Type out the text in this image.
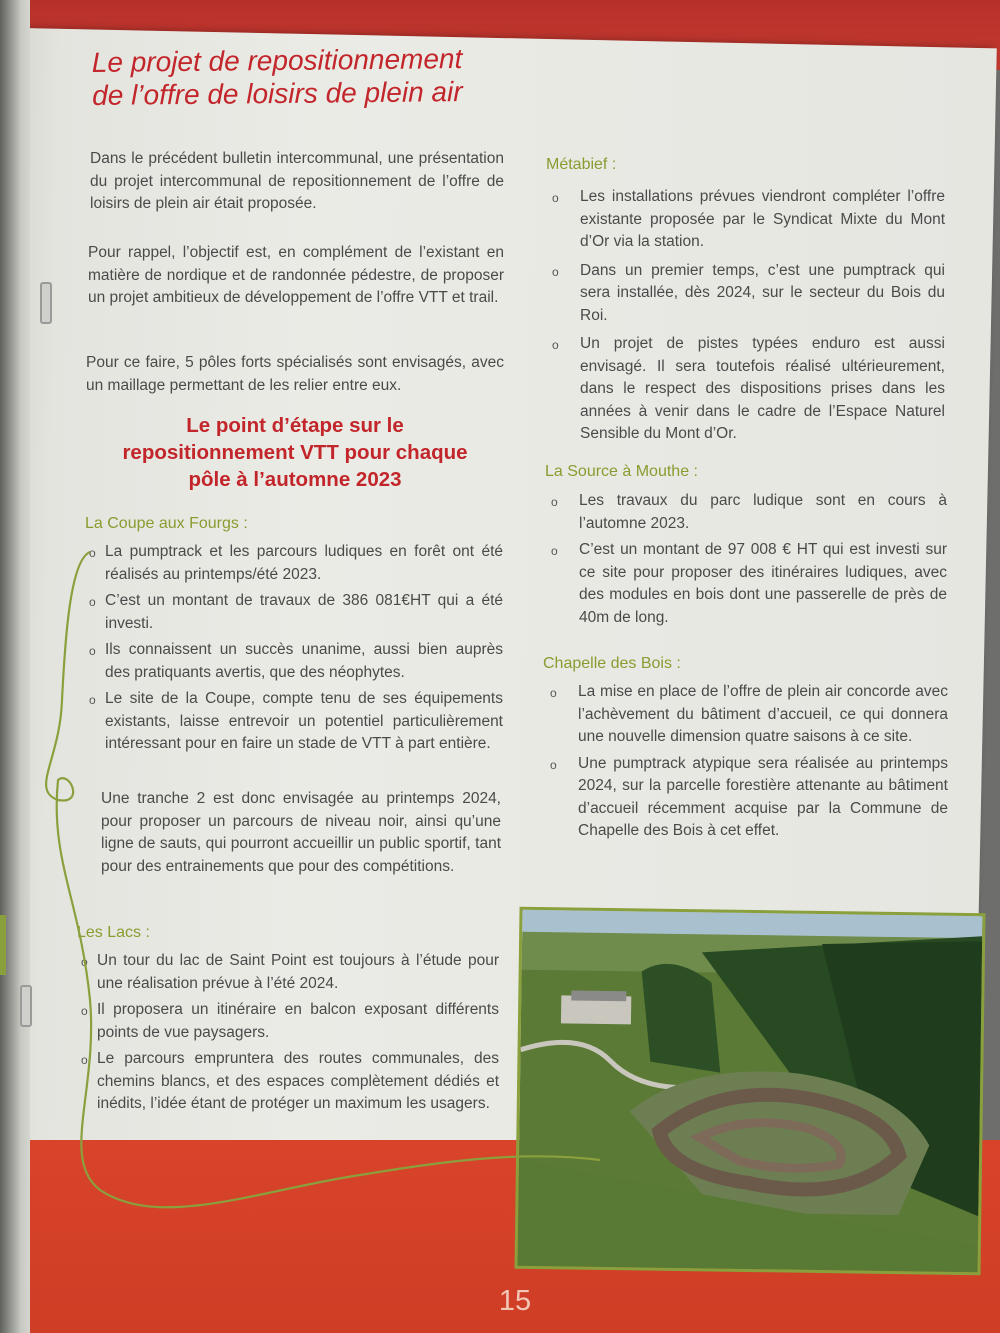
Le projet de repositionnement
de l’offre de loisirs de plein air
Dans le précédent bulletin intercommunal, une présentation du projet intercommunal de repositionnement de l’offre de loisirs de plein air était proposée.
Pour rappel, l’objectif est, en complément de l’existant en matière de nordique et de randonnée pédestre, de proposer un projet ambitieux de développement de l’offre VTT et trail.
Pour ce faire, 5 pôles forts spécialisés sont envisagés, avec un maillage permettant de les relier entre eux.
Le point d’étape sur le
repositionnement VTT pour chaque
pôle à l’automne 2023
La Coupe aux Fourgs :
o La pumptrack et les parcours ludiques en forêt ont été réalisés au printemps/été 2023.
o C’est un montant de travaux de 386 081€HT qui a été investi.
o Ils connaissent un succès unanime, aussi bien auprès des pratiquants avertis, que des néophytes.
o Le site de la Coupe, compte tenu de ses équipements existants, laisse entrevoir un potentiel particulièrement intéressant pour en faire un stade de VTT à part entière.
Une tranche 2 est donc envisagée au printemps 2024, pour proposer un parcours de niveau noir, ainsi qu’une ligne de sauts, qui pourront accueillir un public sportif, tant pour des entrainements que pour des compétitions.
Les Lacs :
o Un tour du lac de Saint Point est toujours à l’étude pour une réalisation prévue à l’été 2024.
o Il proposera un itinéraire en balcon exposant différents points de vue paysagers.
o Le parcours empruntera des routes communales, des chemins blancs, et des espaces complètement dédiés et inédits, l’idée étant de protéger un maximum les usagers.
Métabief :
o Les installations prévues viendront compléter l’offre existante proposée par le Syndicat Mixte du Mont d’Or via la station.
o Dans un premier temps, c’est une pumptrack qui sera installée, dès 2024, sur le secteur du Bois du Roi.
o Un projet de pistes typées enduro est aussi envisagé. Il sera toutefois réalisé ultérieurement, dans le respect des dispositions prises dans les années à venir dans le cadre de l’Espace Naturel Sensible du Mont d’Or.
La Source à Mouthe :
o Les travaux du parc ludique sont en cours à l’automne 2023.
o C’est un montant de 97 008 € HT qui est investi sur ce site pour proposer des itinéraires ludiques, avec des modules en bois dont une passerelle de près de 40m de long.
Chapelle des Bois :
o La mise en place de l’offre de plein air concorde avec l’achèvement du bâtiment d’accueil, ce qui donnera une nouvelle dimension quatre saisons à ce site.
o Une pumptrack atypique sera réalisée au printemps 2024, sur la parcelle forestière attenante au bâtiment d’accueil récemment acquise par la Commune de Chapelle des Bois à cet effet.
15
